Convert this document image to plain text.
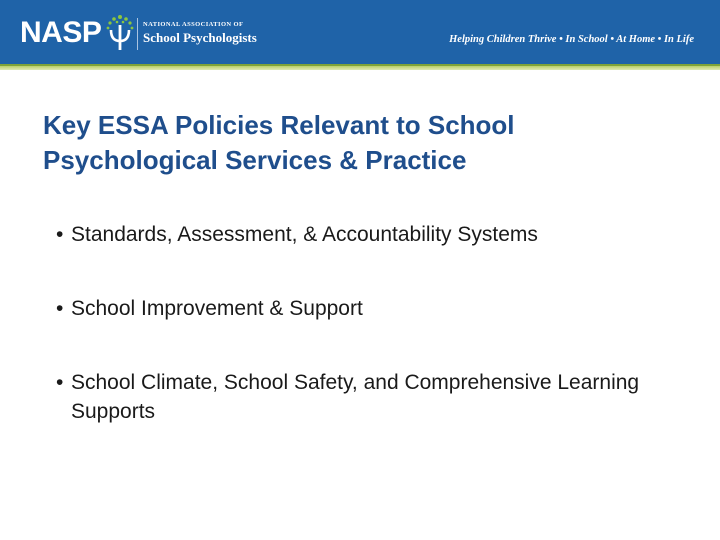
NASP	NATIONAL ASSOCIATION OF
School Psychologists	Helping Children Thrive • In School • At Home • In Life
Key ESSA Policies Relevant to School Psychological Services & Practice
• Standards, Assessment, & Accountability Systems
• School Improvement & Support
• School Climate, School Safety, and Comprehensive Learning Supports
